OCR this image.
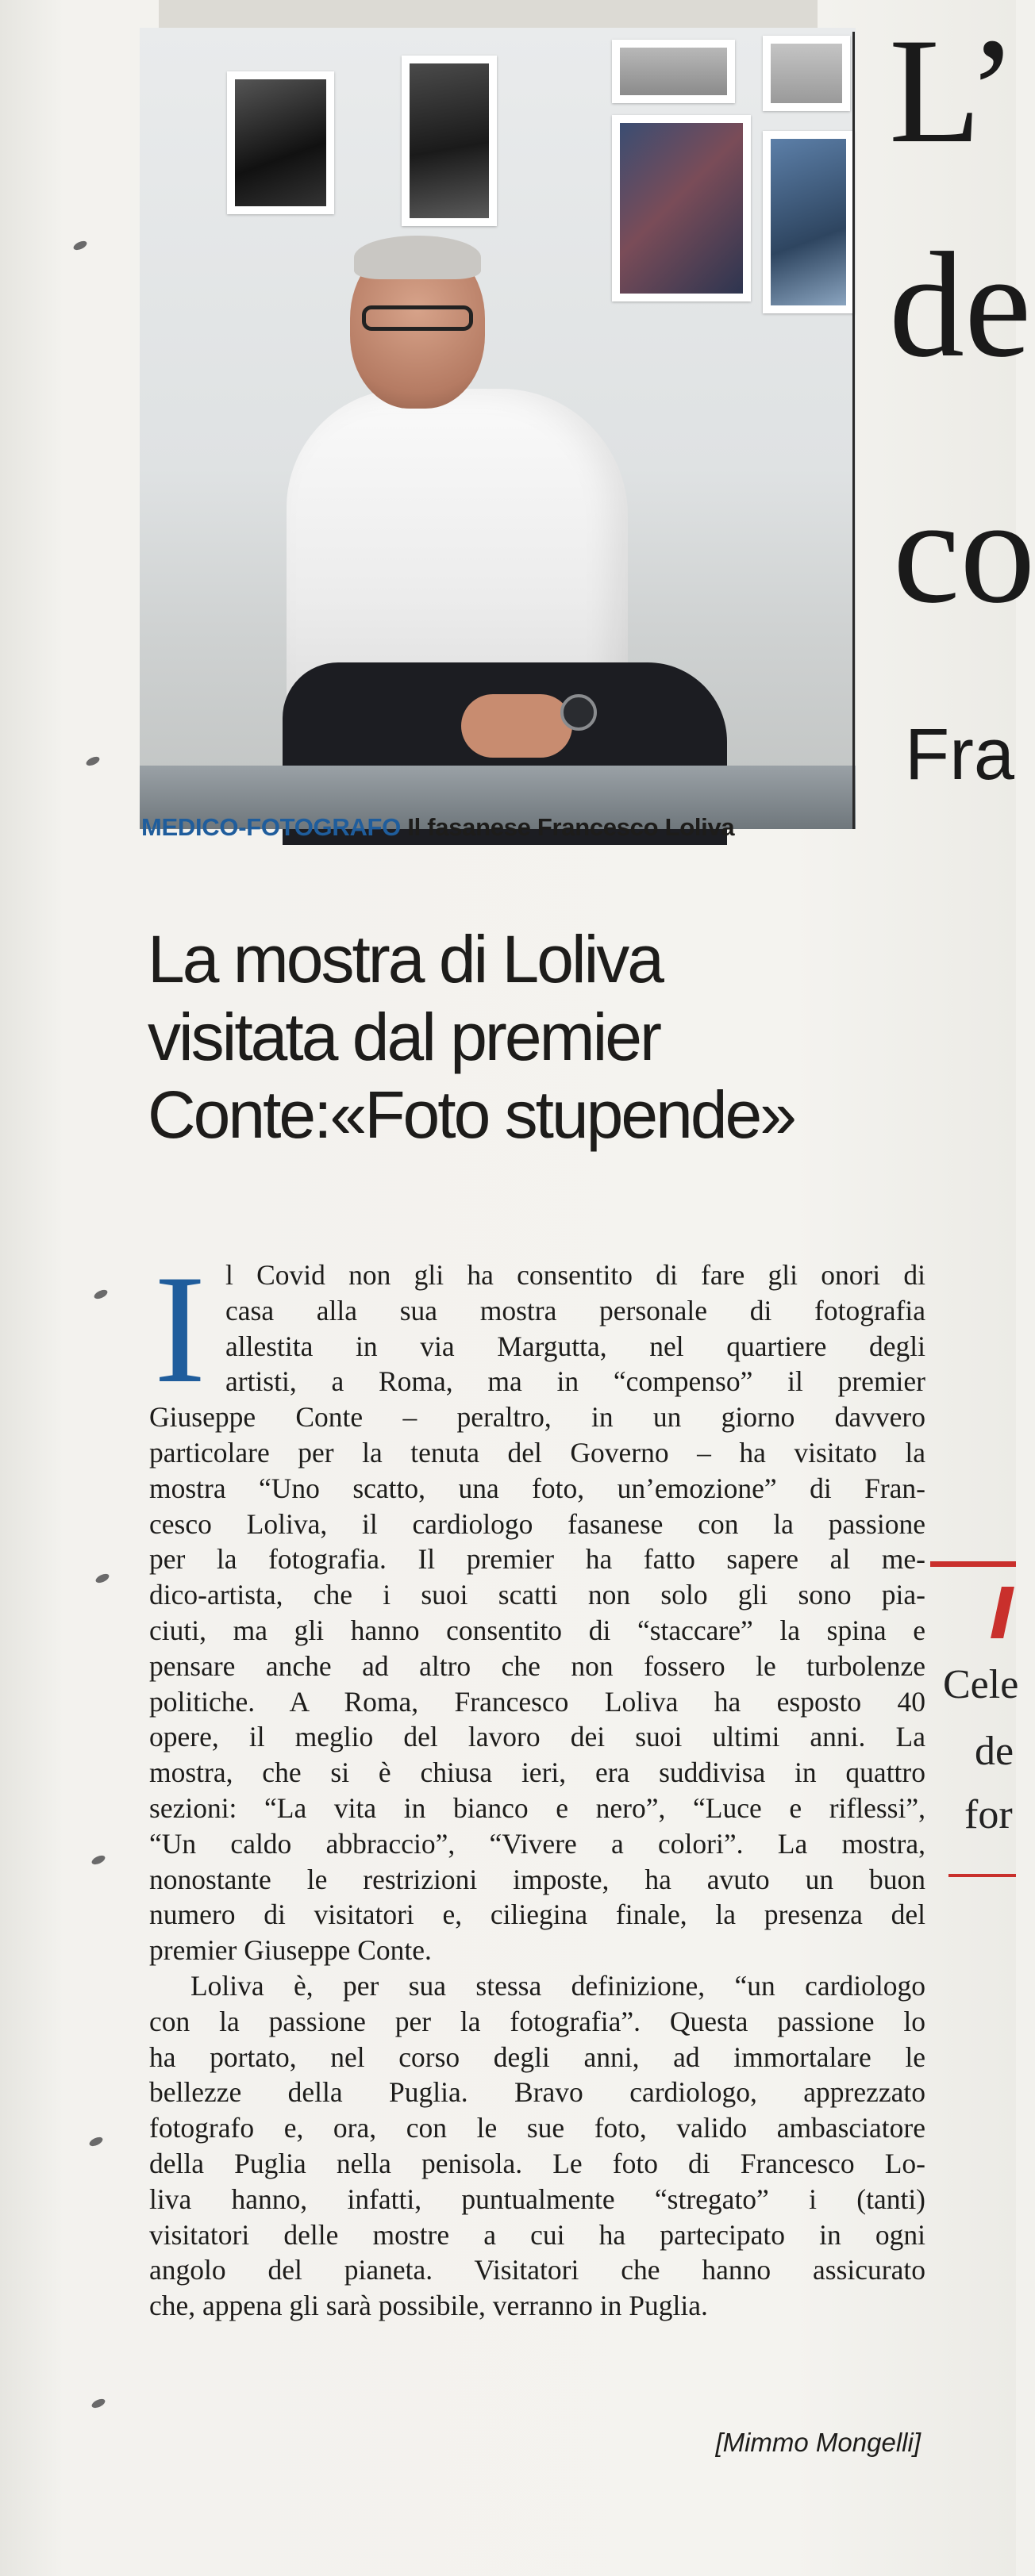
MEDICO-FOTOGRAFO Il fasanese Francesco Loliva
L’
de
co
Fra
Cele
de
for
La mostra di Loliva
visitata dal premier
Conte:«Foto stupende»
I l Covid non gli ha consentito di fare gli onori di
casa alla sua mostra personale di fotografia
allestita in via Margutta, nel quartiere degli
artisti, a Roma, ma in “compenso” il premier
Giuseppe Conte – peraltro, in un giorno davvero
particolare per la tenuta del Governo – ha visitato la
mostra “Uno scatto, una foto, un’emozione” di Fran-
cesco Loliva, il cardiologo fasanese con la passione
per la fotografia. Il premier ha fatto sapere al me-
dico-artista, che i suoi scatti non solo gli sono pia-
ciuti, ma gli hanno consentito di “staccare” la spina e
pensare anche ad altro che non fossero le turbolenze
politiche. A Roma, Francesco Loliva ha esposto 40
opere, il meglio del lavoro dei suoi ultimi anni. La
mostra, che si è chiusa ieri, era suddivisa in quattro
sezioni: “La vita in bianco e nero”, “Luce e riflessi”,
“Un caldo abbraccio”, “Vivere a colori”. La mostra,
nonostante le restrizioni imposte, ha avuto un buon
numero di visitatori e, ciliegina finale, la presenza del
premier Giuseppe Conte.
Loliva è, per sua stessa definizione, “un cardiologo
con la passione per la fotografia”. Questa passione lo
ha portato, nel corso degli anni, ad immortalare le
bellezze della Puglia. Bravo cardiologo, apprezzato
fotografo e, ora, con le sue foto, valido ambasciatore
della Puglia nella penisola. Le foto di Francesco Lo-
liva hanno, infatti, puntualmente “stregato” i (tanti)
visitatori delle mostre a cui ha partecipato in ogni
angolo del pianeta. Visitatori che hanno assicurato
che, appena gli sarà possibile, verranno in Puglia.
[Mimmo Mongelli]
